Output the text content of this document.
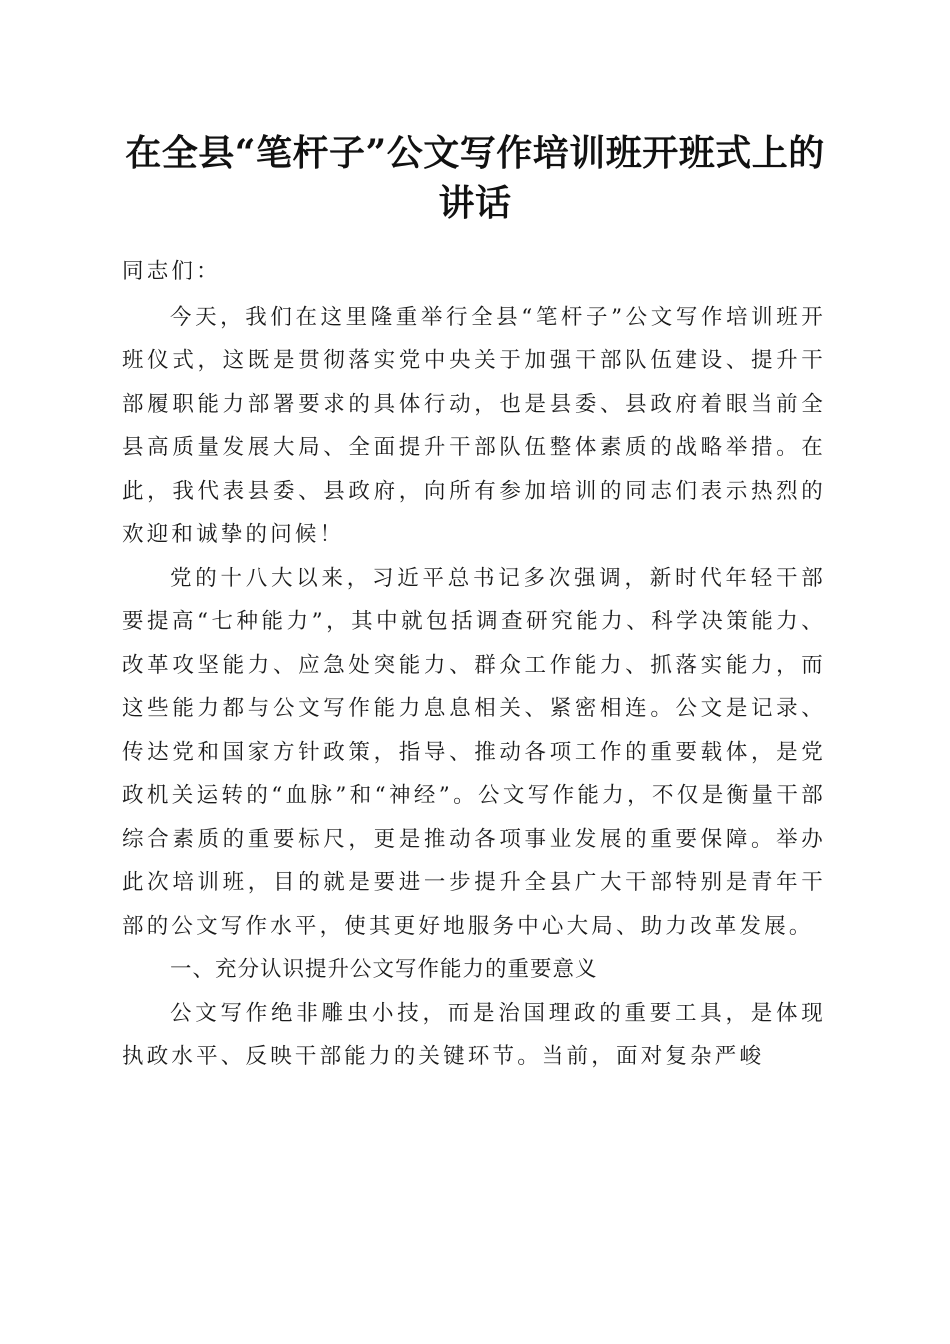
在全县“笔杆子”公文写作培训班开班式上的
讲话

同志们：

今天，我们在这里隆重举行全县“笔杆子”公文写作培训班开班仪式，这既是贯彻落实党中央关于加强干部队伍建设、提升干部履职能力部署要求的具体行动，也是县委、县政府着眼当前全县高质量发展大局、全面提升干部队伍整体素质的战略举措。在此，我代表县委、县政府，向所有参加培训的同志们表示热烈的欢迎和诚挚的问候！

党的十八大以来，习近平总书记多次强调，新时代年轻干部要提高“七种能力”，其中就包括调查研究能力、科学决策能力、改革攻坚能力、应急处突能力、群众工作能力、抓落实能力，而这些能力都与公文写作能力息息相关、紧密相连。公文是记录、传达党和国家方针政策，指导、推动各项工作的重要载体，是党政机关运转的“血脉”和“神经”。公文写作能力，不仅是衡量干部综合素质的重要标尺，更是推动各项事业发展的重要保障。举办此次培训班，目的就是要进一步提升全县广大干部特别是青年干部的公文写作水平，使其更好地服务中心大局、助力改革发展。

一、充分认识提升公文写作能力的重要意义

公文写作绝非雕虫小技，而是治国理政的重要工具，是体现执政水平、反映干部能力的关键环节。当前，面对复杂严峻
